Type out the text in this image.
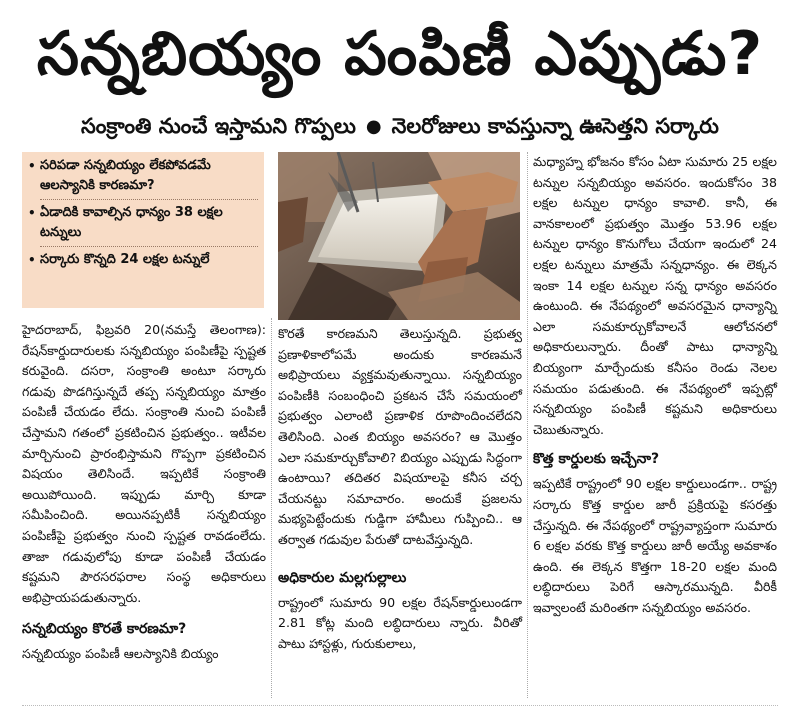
సన్నబియ్యం పంపిణీ ఎప్పుడు?
సంక్రాంతి నుంచే ఇస్తామని గొప్పలు ● నెలరోజులు కావస్తున్నా ఊసెత్తని సర్కారు
• సరిపడా సన్నబియ్యం లేకపోవడమే ఆలస్యానికి కారణమా?
• ఏడాదికి కావాల్సిన ధాన్యం 38 లక్షల టన్నులు
• సర్కారు కొన్నది 24 లక్షల టన్నులే

హైదరాబాద్, ఫిబ్రవరి 20(నమస్తే తెలంగాణ): రేషన్‌కార్డుదారులకు సన్నబియ్యం పంపిణీపై స్పష్టత కరువైంది. దసరా, సంక్రాంతి అంటూ సర్కారు గడువు పొడగిస్తున్నదే తప్ప సన్నబియ్యం మాత్రం పంపిణీ చేయడం లేదు. సంక్రాంతి నుంచి పంపిణీ చేస్తామని గతంలో ప్రకటించిన ప్రభుత్వం.. ఇటీవల మార్చినుంచి ప్రారంభిస్తామని గొప్పగా ప్రకటించిన విషయం తెలిసిందే. ఇప్పటికే సంక్రాంతి అయిపోయింది. ఇప్పుడు మార్చి కూడా సమీపించింది. అయినప్పటికీ సన్నబియ్యం పంపిణీపై ప్రభుత్వం నుంచి స్పష్టత రావడంలేదు. తాజా గడువులోపు కూడా పంపిణీ చేయడం కష్టమని పౌరసరఫరాల సంస్థ అధికారులు అభిప్రాయపడుతున్నారు.

సన్నబియ్యం కొరతే కారణమా?

సన్నబియ్యం పంపిణీ ఆలస్యానికి బియ్యం

కొరతే కారణమని తెలుస్తున్నది. ప్రభుత్వ ప్రణాళికాలోపమే అందుకు కారణమనే అభిప్రాయలు వ్యక్తమవుతున్నాయి. సన్నబియ్యం పంపిణీకి సంబంధించి ప్రకటన చేసే సమయంలో ప్రభుత్వం ఎలాంటి ప్రణాళిక రూపొందించలేదని తెలిసింది. ఎంత బియ్యం అవసరం? ఆ మొత్తం ఎలా సమకూర్చుకోవాలి? బియ్యం ఎప్పుడు సిద్ధంగా ఉంటాయి? తదితర విషయాలపై కనీస చర్చ చేయనట్టు సమాచారం. అందుకే ప్రజలను మభ్యపెట్టేందుకు గుడ్డిగా హామీలు గుప్పించి.. ఆ తర్వాత గడువుల పేరుతో దాటవేస్తున్నది.

అధికారుల మల్లగుల్లాలు

రాష్ట్రంలో సుమారు 90 లక్షల రేషన్‌కార్డులుండగా 2.81 కోట్ల మంది లబ్ధిదారులు న్నారు. వీరితో పాటు హాస్టళ్లు, గురుకులాలు,

మధ్యాహ్న భోజనం కోసం ఏటా సుమారు 25 లక్షల టన్నుల సన్నబియ్యం అవసరం. ఇందుకోసం 38 లక్షల టన్నుల ధాన్యం కావాలి. కానీ, ఈ వానకాలంలో ప్రభుత్వం మొత్తం 53.96 లక్షల టన్నుల ధాన్యం కొనుగోలు చేయగా ఇందులో 24 లక్షల టన్నులు మాత్రమే సన్నధాన్యం. ఈ లెక్కన ఇంకా 14 లక్షల టన్నుల సన్న ధాన్యం అవసరం ఉంటుంది. ఈ నేపథ్యంలో అవసరమైన ధాన్యాన్ని ఎలా సమకూర్చుకోవాలనే ఆలోచనలో అధికారులున్నారు. దీంతో పాటు ధాన్యాన్ని బియ్యంగా మార్చేందుకు కనీసం రెండు నెలల సమయం పడుతుంది. ఈ నేపథ్యంలో ఇప్పట్లో సన్నబియ్యం పంపిణీ కష్టమని అధికారులు చెబుతున్నారు.

కొత్త కార్డులకు ఇచ్చేనా?

ఇప్పటికే రాష్ట్రంలో 90 లక్షల కార్డులుండగా.. రాష్ట్ర సర్కారు కొత్త కార్డుల జారీ ప్రక్రియపై కసరత్తు చేస్తున్నది. ఈ నేపథ్యంలో రాష్ట్రవ్యాప్తంగా సుమారు 6 లక్షల వరకు కొత్త కార్డులు జారీ అయ్యే అవకాశం ఉంది. ఈ లెక్కన కొత్తగా 18-20 లక్షల మంది లబ్ధిదారులు పెరిగే ఆస్కారమున్నది. వీరికీ ఇవ్వాలంటే మరింతగా సన్నబియ్యం అవసరం.
